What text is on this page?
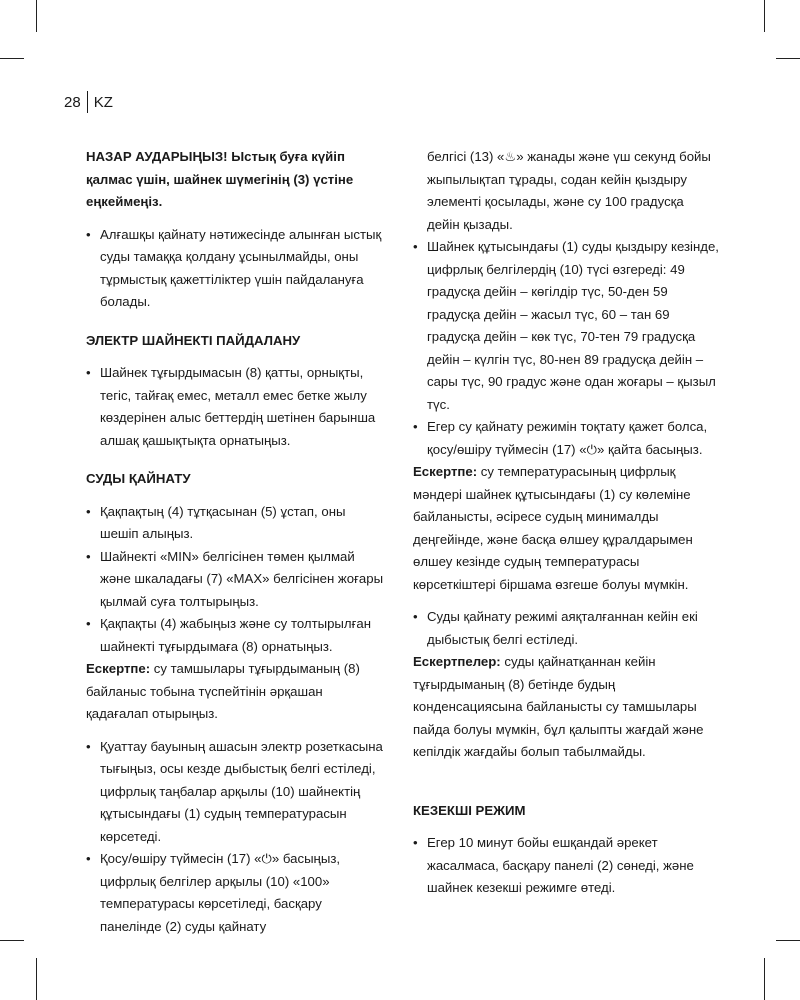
28 KZ

НАЗАР АУДАРЫҢЫЗ! Ыстық буға күйіп қалмас үшін, шайнек шүмегінің (3) үстіне еңкеймеңіз.

• Алғашқы қайнату нәтижесінде алынған ыстық суды тамаққа қолдану ұсынылмайды, оны тұрмыстық қажеттіліктер үшін пайдалануға болады.

ЭЛЕКТР ШАЙНЕКТІ ПАЙДАЛАНУ

• Шайнек тұғырдымасын (8) қатты, орнықты, тегіс, тайғақ емес, металл емес бетке жылу көздерінен алыс беттердің шетінен барынша алшақ қашықтықта орнатыңыз.

СУДЫ ҚАЙНАТУ

• Қақпақтың (4) тұтқасынан (5) ұстап, оны шешіп алыңыз.
• Шайнекті «MIN» белгісінен төмен қылмай және шкаладағы (7) «MAX» белгісінен жоғары қылмай суға толтырыңыз.
• Қақпақты (4) жабыңыз және су толтырылған шайнекті тұғырдымаға (8) орнатыңыз.

Ескертпе: су тамшылары тұғырдыманың (8) байланыс тобына түспейтінін әрқашан қадағалап отырыңыз.

• Қуаттау бауының ашасын электр розеткасына тығыңыз, осы кезде дыбыстық белгі естіледі, цифрлық таңбалар арқылы (10) шайнектің құтысындағы (1) судың температурасын көрсетеді.
• Қосу/өшіру түймесін (17) «⏻» басыңыз, цифрлық белгілер арқылы (10) «100» температурасы көрсетіледі, басқару панелінде (2) суды қайнату

белгісі (13) «♨» жанады және үш секунд бойы жыпылықтап тұрады, содан кейін қыздыру элементі қосылады, және су 100 градусқа дейін қызады.

• Шайнек құтысындағы (1) суды қыздыру кезінде, цифрлық белгілердің (10) түсі өзгереді: 49 градусқа дейін – көгілдір түс, 50-ден 59 градусқа дейін – жасыл түс, 60 – тан 69 градусқа дейін – көк түс, 70-тен 79 градусқа дейін – күлгін түс, 80-нен 89 градусқа дейін – сары түс, 90 градус және одан жоғары – қызыл түс.
• Егер су қайнату режимін тоқтату қажет болса, қосу/өшіру түймесін (17) «⏻» қайта басыңыз.

Ескертпе: су температурасының цифрлық мәндері шайнек құтысындағы (1) су көлеміне байланысты, әсіресе судың минималды деңгейінде, және басқа өлшеу құралдарымен өлшеу кезінде судың температурасы көрсеткіштері біршама өзгеше болуы мүмкін.

• Суды қайнату режимі аяқталғаннан кейін екі дыбыстық белгі естіледі.

Ескертпелер: суды қайнатқаннан кейін тұғырдыманың (8) бетінде будың конденсациясына байланысты су тамшылары пайда болуы мүмкін, бұл қалыпты жағдай және кепілдік жағдайы болып табылмайды.

КЕЗЕКШІ РЕЖИМ

• Егер 10 минут бойы ешқандай әрекет жасалмаса, басқару панелі (2) сөнеді, және шайнек кезекші режимге өтеді.
